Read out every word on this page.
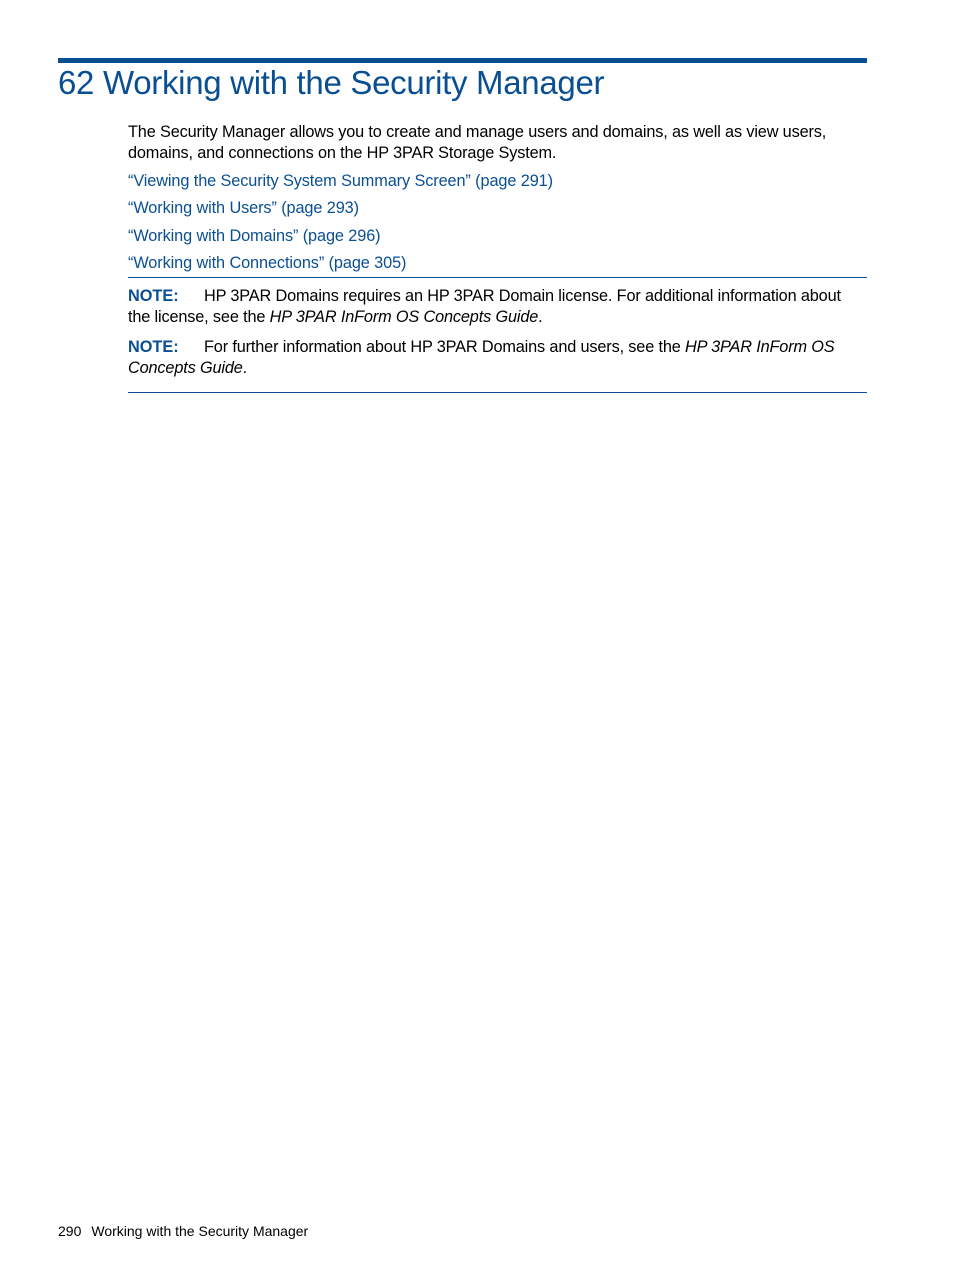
62 Working with the Security Manager

The Security Manager allows you to create and manage users and domains, as well as view users, domains, and connections on the HP 3PAR Storage System.

“Viewing the Security System Summary Screen” (page 291)
“Working with Users” (page 293)
“Working with Domains” (page 296)
“Working with Connections” (page 305)

NOTE: HP 3PAR Domains requires an HP 3PAR Domain license. For additional information about the license, see the HP 3PAR InForm OS Concepts Guide.

NOTE: For further information about HP 3PAR Domains and users, see the HP 3PAR InForm OS Concepts Guide.

290 Working with the Security Manager
